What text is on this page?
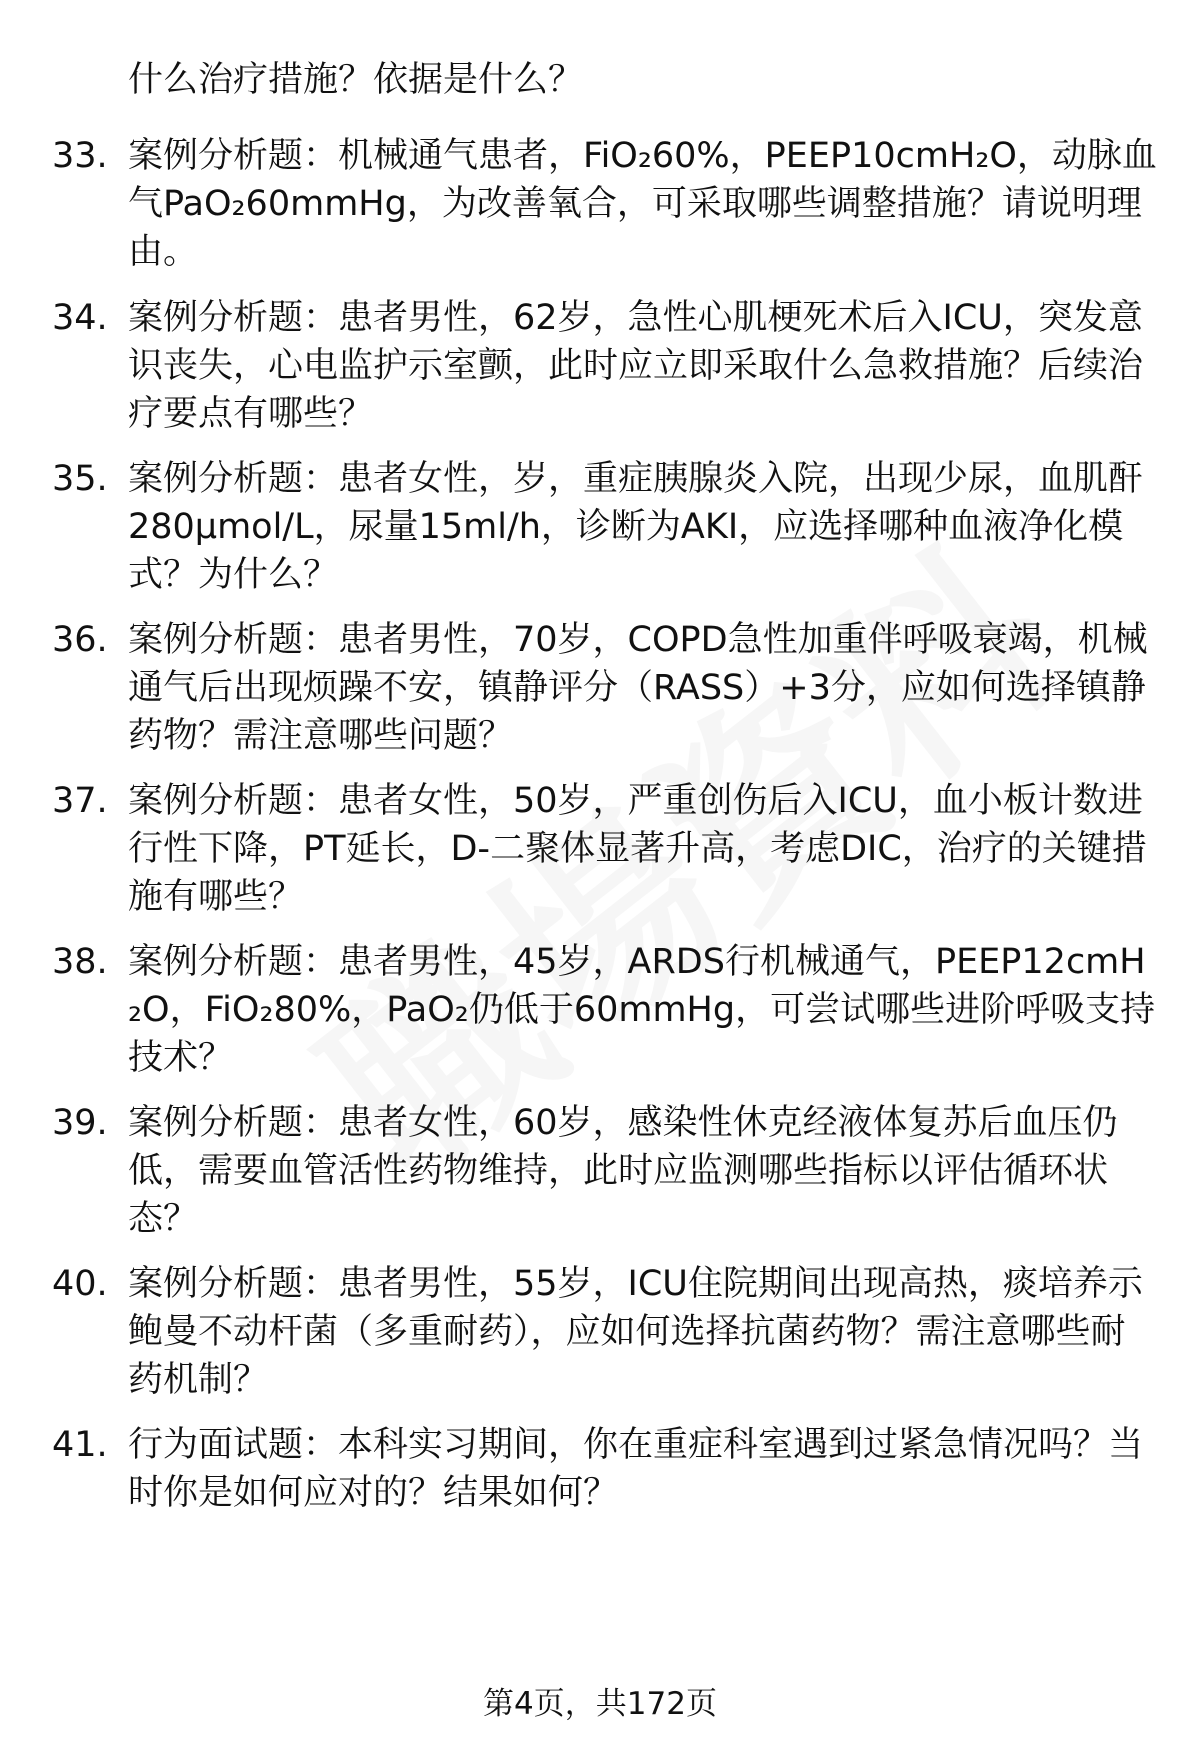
什么治疗措施？依据是什么？

33. 案例分析题：机械通气患者，FiO₂60%，PEEP10cmH₂O，动脉血气PaO₂60mmHg，为改善氧合，可采取哪些调整措施？请说明理由。

34. 案例分析题：患者男性，62岁，急性心肌梗死术后入ICU，突发意识丧失，心电监护示室颤，此时应立即采取什么急救措施？后续治疗要点有哪些？

35. 案例分析题：患者女性，岁，重症胰腺炎入院，出现少尿，血肌酐280μmol/L，尿量15ml/h，诊断为AKI，应选择哪种血液净化模式？为什么？

36. 案例分析题：患者男性，70岁，COPD急性加重伴呼吸衰竭，机械通气后出现烦躁不安，镇静评分（RASS）+3分，应如何选择镇静药物？需注意哪些问题？

37. 案例分析题：患者女性，50岁，严重创伤后入ICU，血小板计数进行性下降，PT延长，D-二聚体显著升高，考虑DIC，治疗的关键措施有哪些？

38. 案例分析题：患者男性，45岁，ARDS行机械通气，PEEP12cmH₂O，FiO₂80%，PaO₂仍低于60mmHg，可尝试哪些进阶呼吸支持技术？

39. 案例分析题：患者女性，60岁，感染性休克经液体复苏后血压仍低，需要血管活性药物维持，此时应监测哪些指标以评估循环状态？

40. 案例分析题：患者男性，55岁，ICU住院期间出现高热，痰培养示鲍曼不动杆菌（多重耐药），应如何选择抗菌药物？需注意哪些耐药机制？

41. 行为面试题：本科实习期间，你在重症科室遇到过紧急情况吗？当时你是如何应对的？结果如何？

第4页，共172页
